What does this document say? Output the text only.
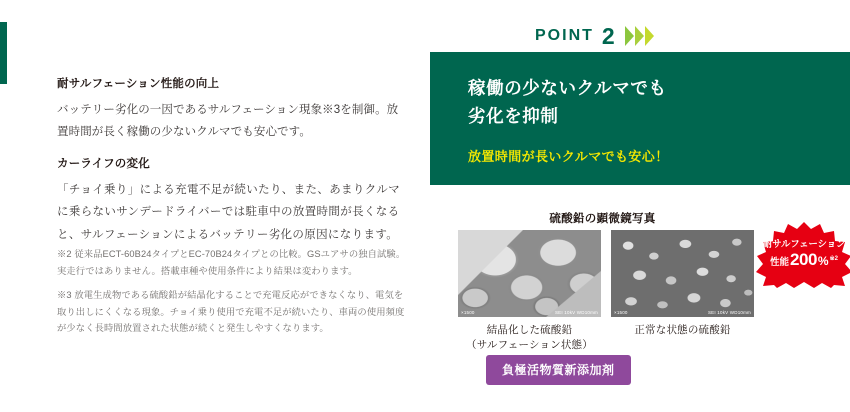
耐サルフェーション性能の向上

バッテリー劣化の一因であるサルフェーション現象※3を制御。放置時間が長く稼働の少ないクルマでも安心です。

カーライフの変化

「チョイ乗り」による充電不足が続いたり、また、あまりクルマに乗らないサンデードライバーでは駐車中の放置時間が長くなると、サルフェーションによるバッテリー劣化の原因になります。

※2 従来品ECT-60B24タイプとEC-70B24タイプとの比較。GSユアサの独自試験。実走行ではありません。搭載車種や使用条件により結果は変わります。

※3 放電生成物である硫酸鉛が結晶化することで充電反応ができなくなり、電気を取り出しにくくなる現象。チョイ乗り使用で充電不足が続いたり、車両の使用頻度が少なく長時間放置された状態が続くと発生しやすくなります。

POINT 2
稼働の少ないクルマでも
劣化を抑制
放置時間が長いクルマでも安心！
硫酸鉛の顕微鏡写真
×1500	SEI 10kV WD10mm
結晶化した硫酸鉛
（サルフェーション状態）
×1500	SEI 10kV WD10mm
正常な状態の硫酸鉛
耐サルフェーション
性能 200 % ※2
負極活物質新添加剤
